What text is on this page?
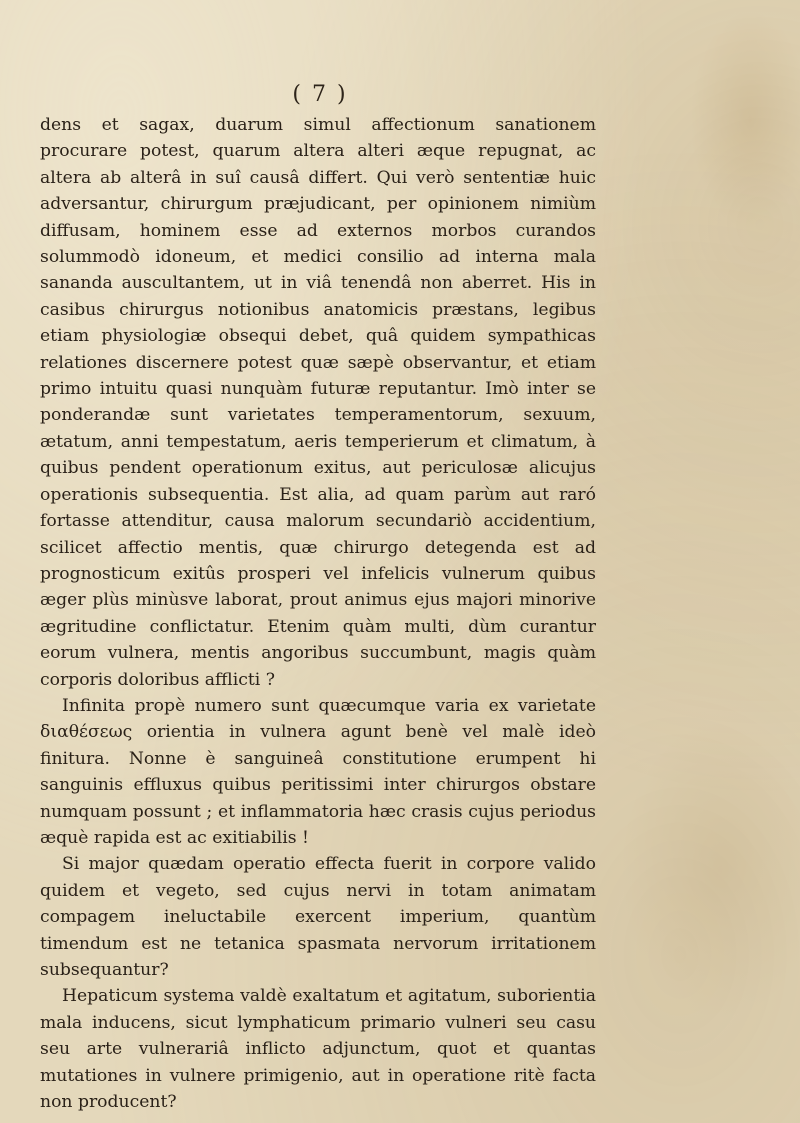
( 7 )

dens et sagax, duarum simul affectionum sanationem procurare potest, quarum altera alteri æque repugnat, ac altera ab alterâ in suî causâ differt. Qui verò sententiæ huic adversantur, chirurgum præjudicant, per opinionem nimiùm diffusam, hominem esse ad externos morbos curandos solummodò idoneum, et medici consilio ad interna mala sananda auscultantem, ut in viâ tenendâ non aberret. His in casibus chirurgus notionibus anatomicis præstans, legibus etiam physiologiæ obsequi debet, quâ quidem sympathicas relationes discernere potest quæ sæpè observantur, et etiam primo intuitu quasi nunquàm futuræ reputantur. Imò inter se ponderandæ sunt varietates temperamentorum, sexuum, ætatum, anni tempestatum, aeris temperierum et climatum, à quibus pendent operationum exitus, aut periculosæ alicujus operationis subsequentia. Est alia, ad quam parùm aut raró fortasse attenditur, causa malorum secundariò accidentium, scilicet affectio mentis, quæ chirurgo detegenda est ad prognosticum exitûs prosperi vel infelicis vulnerum quibus æger plùs minùsve laborat, prout animus ejus majori minorive ægritudine conflictatur. Etenim quàm multi, dùm curantur eorum vulnera, mentis angoribus succumbunt, magis quàm corporis doloribus afflicti ?

Infinita propè numero sunt quæcumque varia ex varietate διαθέσεως orientia in vulnera agunt benè vel malè ideò finitura. Nonne è sanguineâ constitutione erumpent hi sanguinis effluxus quibus peritissimi inter chirurgos obstare numquam possunt ; et inflammatoria hæc crasis cujus periodus æquè rapida est ac exitiabilis !

Si major quædam operatio effecta fuerit in corpore valido quidem et vegeto, sed cujus nervi in totam animatam compagem ineluctabile exercent imperium, quantùm timendum est ne tetanica spasmata nervorum irritationem subsequantur?

Hepaticum systema valdè exaltatum et agitatum, suborientia mala inducens, sicut lymphaticum primario vulneri seu casu seu arte vulnerariâ inflicto adjunctum, quot et quantas mutationes in vulnere primigenio, aut in operatione ritè facta non producent?
